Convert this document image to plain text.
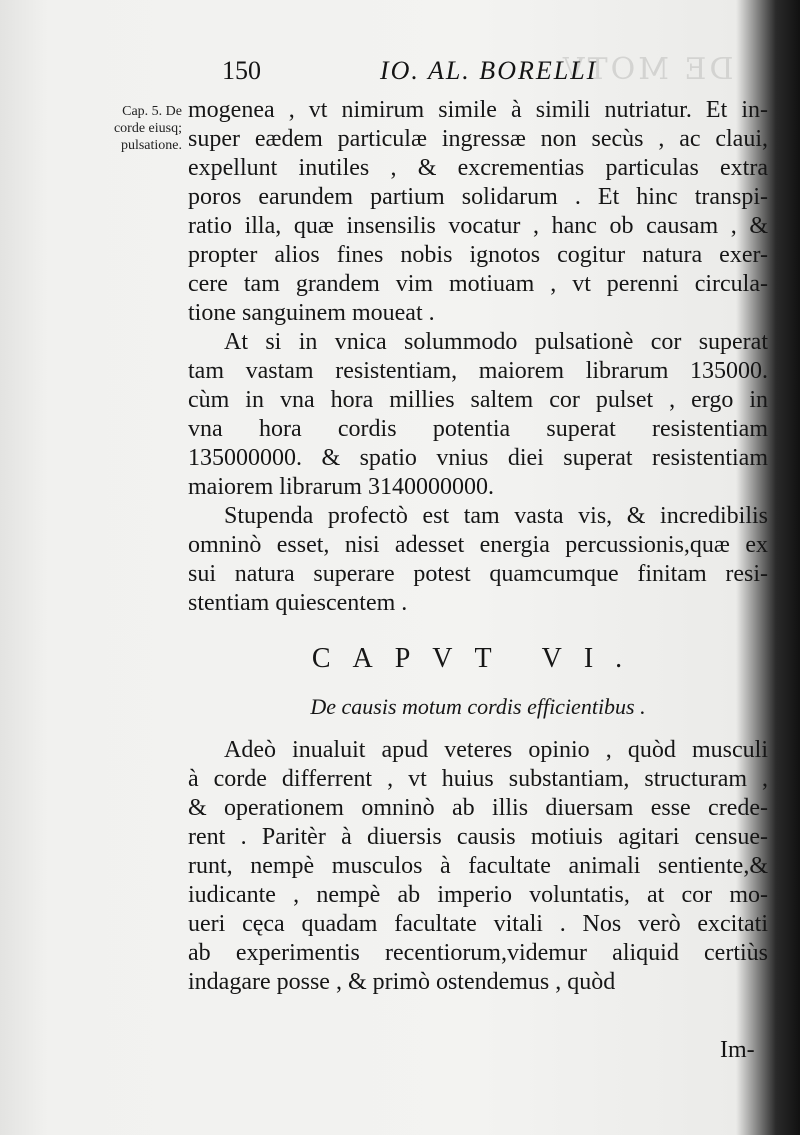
DE MOTV
150	IO. AL. BORELLI
Cap. 5. De
corde eiusq;
pulsatione.
mogenea , vt nimirum simile à simili nutriatur. Et in-
super eædem particulæ ingressæ non secùs , ac claui,
expellunt inutiles , & excrementias particulas extra
poros earundem partium solidarum . Et hinc transpi-
ratio illa, quæ insensilis vocatur , hanc ob causam , &
propter alios fines nobis ignotos cogitur natura exer-
cere tam grandem vim motiuam , vt perenni circula-
tione sanguinem moueat .
At si in vnica solummodo pulsationè cor superat
tam vastam resistentiam, maiorem librarum 135000.
cùm in vna hora millies saltem cor pulset , ergo in
vna hora cordis potentia superat resistentiam
135000000. & spatio vnius diei superat resistentiam
maiorem librarum 3140000000.
Stupenda profectò est tam vasta vis, & incredibilis
omninò esset, nisi adesset energia percussionis,quæ ex
sui natura superare potest quamcumque finitam resi-
stentiam quiescentem .
CAPVT VI.
De causis motum cordis efficientibus .
Adeò inualuit apud veteres opinio , quòd musculi
à corde differrent , vt huius substantiam, structuram ,
& operationem omninò ab illis diuersam esse crede-
rent . Paritèr à diuersis causis motiuis agitari censue-
runt, nempè musculos à facultate animali sentiente,&
iudicante , nempè ab imperio voluntatis, at cor mo-
ueri cęca quadam facultate vitali . Nos verò excitati
ab experimentis recentiorum,videmur aliquid certiùs
indagare posse , & primò ostendemus , quòd
Im-
